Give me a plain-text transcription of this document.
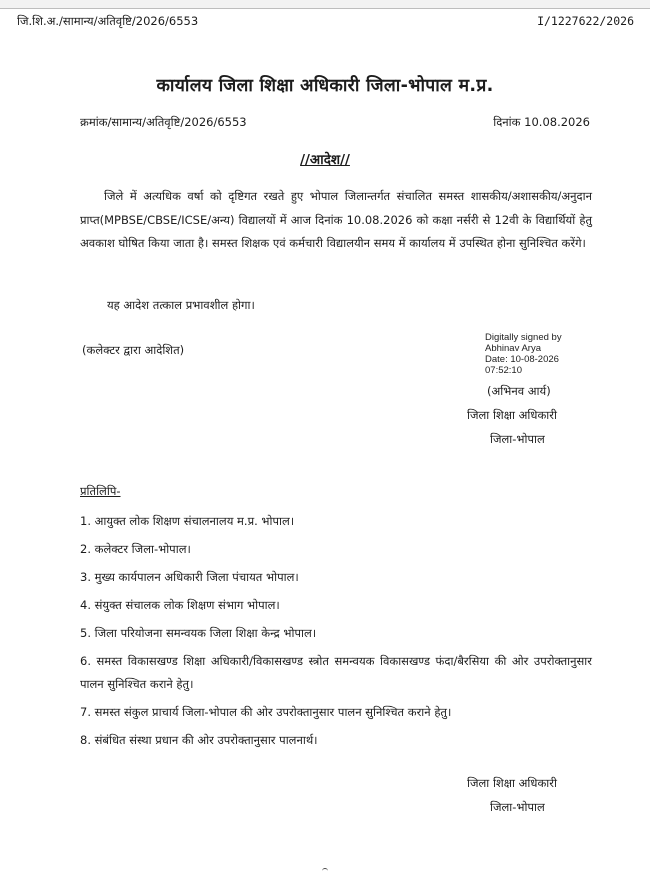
जि.शि.अ./सामान्य/अतिवृष्टि/2026/6553	I/1227622/2026
कार्यालय जिला शिक्षा अधिकारी जिला-भोपाल म.प्र.
क्रमांक/सामान्य/अतिवृष्टि/2026/6553	दिनांक 10.08.2026
//आदेश//

जिले में अत्यधिक वर्षा को दृष्टिगत रखते हुए भोपाल जिलान्तर्गत संचालित समस्त शासकीय/अशासकीय/अनुदान प्राप्त(MPBSE/CBSE/ICSE/अन्य) विद्यालयों में आज दिनांक 10.08.2026 को कक्षा नर्सरी से 12वी के विद्यार्थियों हेतु अवकाश घोषित किया जाता है। समस्त शिक्षक एवं कर्मचारी विद्यालयीन समय में कार्यालय में उपस्थित होना सुनिश्चित करेंगे।

यह आदेश तत्काल प्रभावशील होगा।
(कलेक्टर द्वारा आदेशित)
Digitally signed by
Abhinav Arya
Date: 10-08-2026
07:52:10
(अभिनव आर्य)
जिला शिक्षा अधिकारी
जिला-भोपाल
प्रतिलिपि-
1. आयुक्त लोक शिक्षण संचालनालय म.प्र. भोपाल।
2. कलेक्टर जिला-भोपाल।
3. मुख्य कार्यपालन अधिकारी जिला पंचायत भोपाल।
4. संयुक्त संचालक लोक शिक्षण संभाग भोपाल।
5. जिला परियोजना समन्वयक जिला शिक्षा केन्द्र भोपाल।
6. समस्त विकासखण्ड शिक्षा अधिकारी/विकासखण्ड स्त्रोत समन्वयक विकासखण्ड फंदा/बैरसिया की ओर उपरोक्तानुसार पालन सुनिश्चित कराने हेतु।
7. समस्त संकुल प्राचार्य जिला-भोपाल की ओर उपरोक्तानुसार पालन सुनिश्चित कराने हेतु।
8. संबंधित संस्था प्रधान की ओर उपरोक्तानुसार पालनार्थ।
जिला शिक्षा अधिकारी
जिला-भोपाल
